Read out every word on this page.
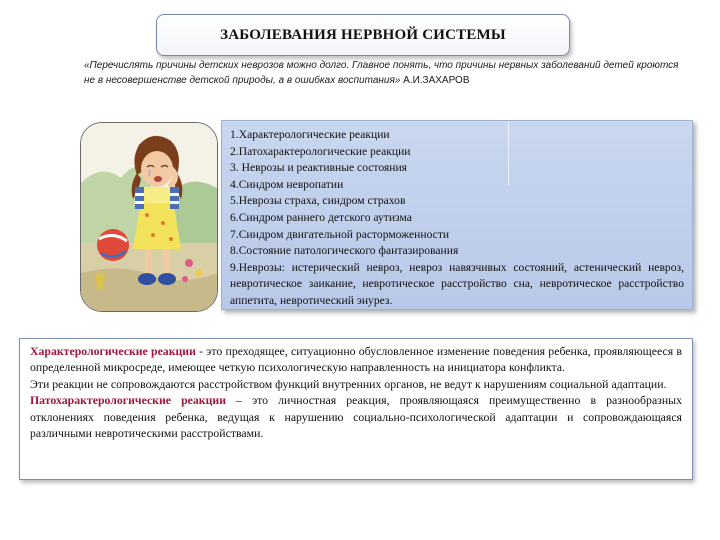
ЗАБОЛЕВАНИЯ НЕРВНОЙ СИСТЕМЫ
«Перечислять причины детских неврозов можно долго. Главное понять, что причины нервных заболеваний детей кроются не в несовершенстве детской природы, а в ошибках воспитания» А.И.ЗАХАРОВ

1.Характерологические реакции

2.Патохарактерологические реакции

3. Неврозы и реактивные состояния

4.Синдром невропатии

5.Неврозы страха, синдром страхов

6.Синдром раннего детского аутизма

7.Синдром двигательной расторможенности

8.Состояние патологического фантазирования

9.Неврозы: истерический невроз, невроз навязчивых состояний, астенический невроз, невротическое заикание, невротическое расстройство сна, невротическое расстройство аппетита, невротический энурез.

Характерологические реакции - это преходящее, ситуационно обусловленное изменение поведения ребенка, проявляющееся в определенной микросреде, имеющее четкую психологическую направленность на инициатора конфликта.

Эти реакции не сопровождаются расстройством функций внутренних органов, не ведут к нарушениям социальной адаптации.

Патохарактерологические реакции – это личностная реакция, проявляющаяся преимущественно в разнообразных отклонениях поведения ребенка, ведущая к нарушению социально-психологической адаптации и сопровождающаяся различными невротическими расстройствами.
